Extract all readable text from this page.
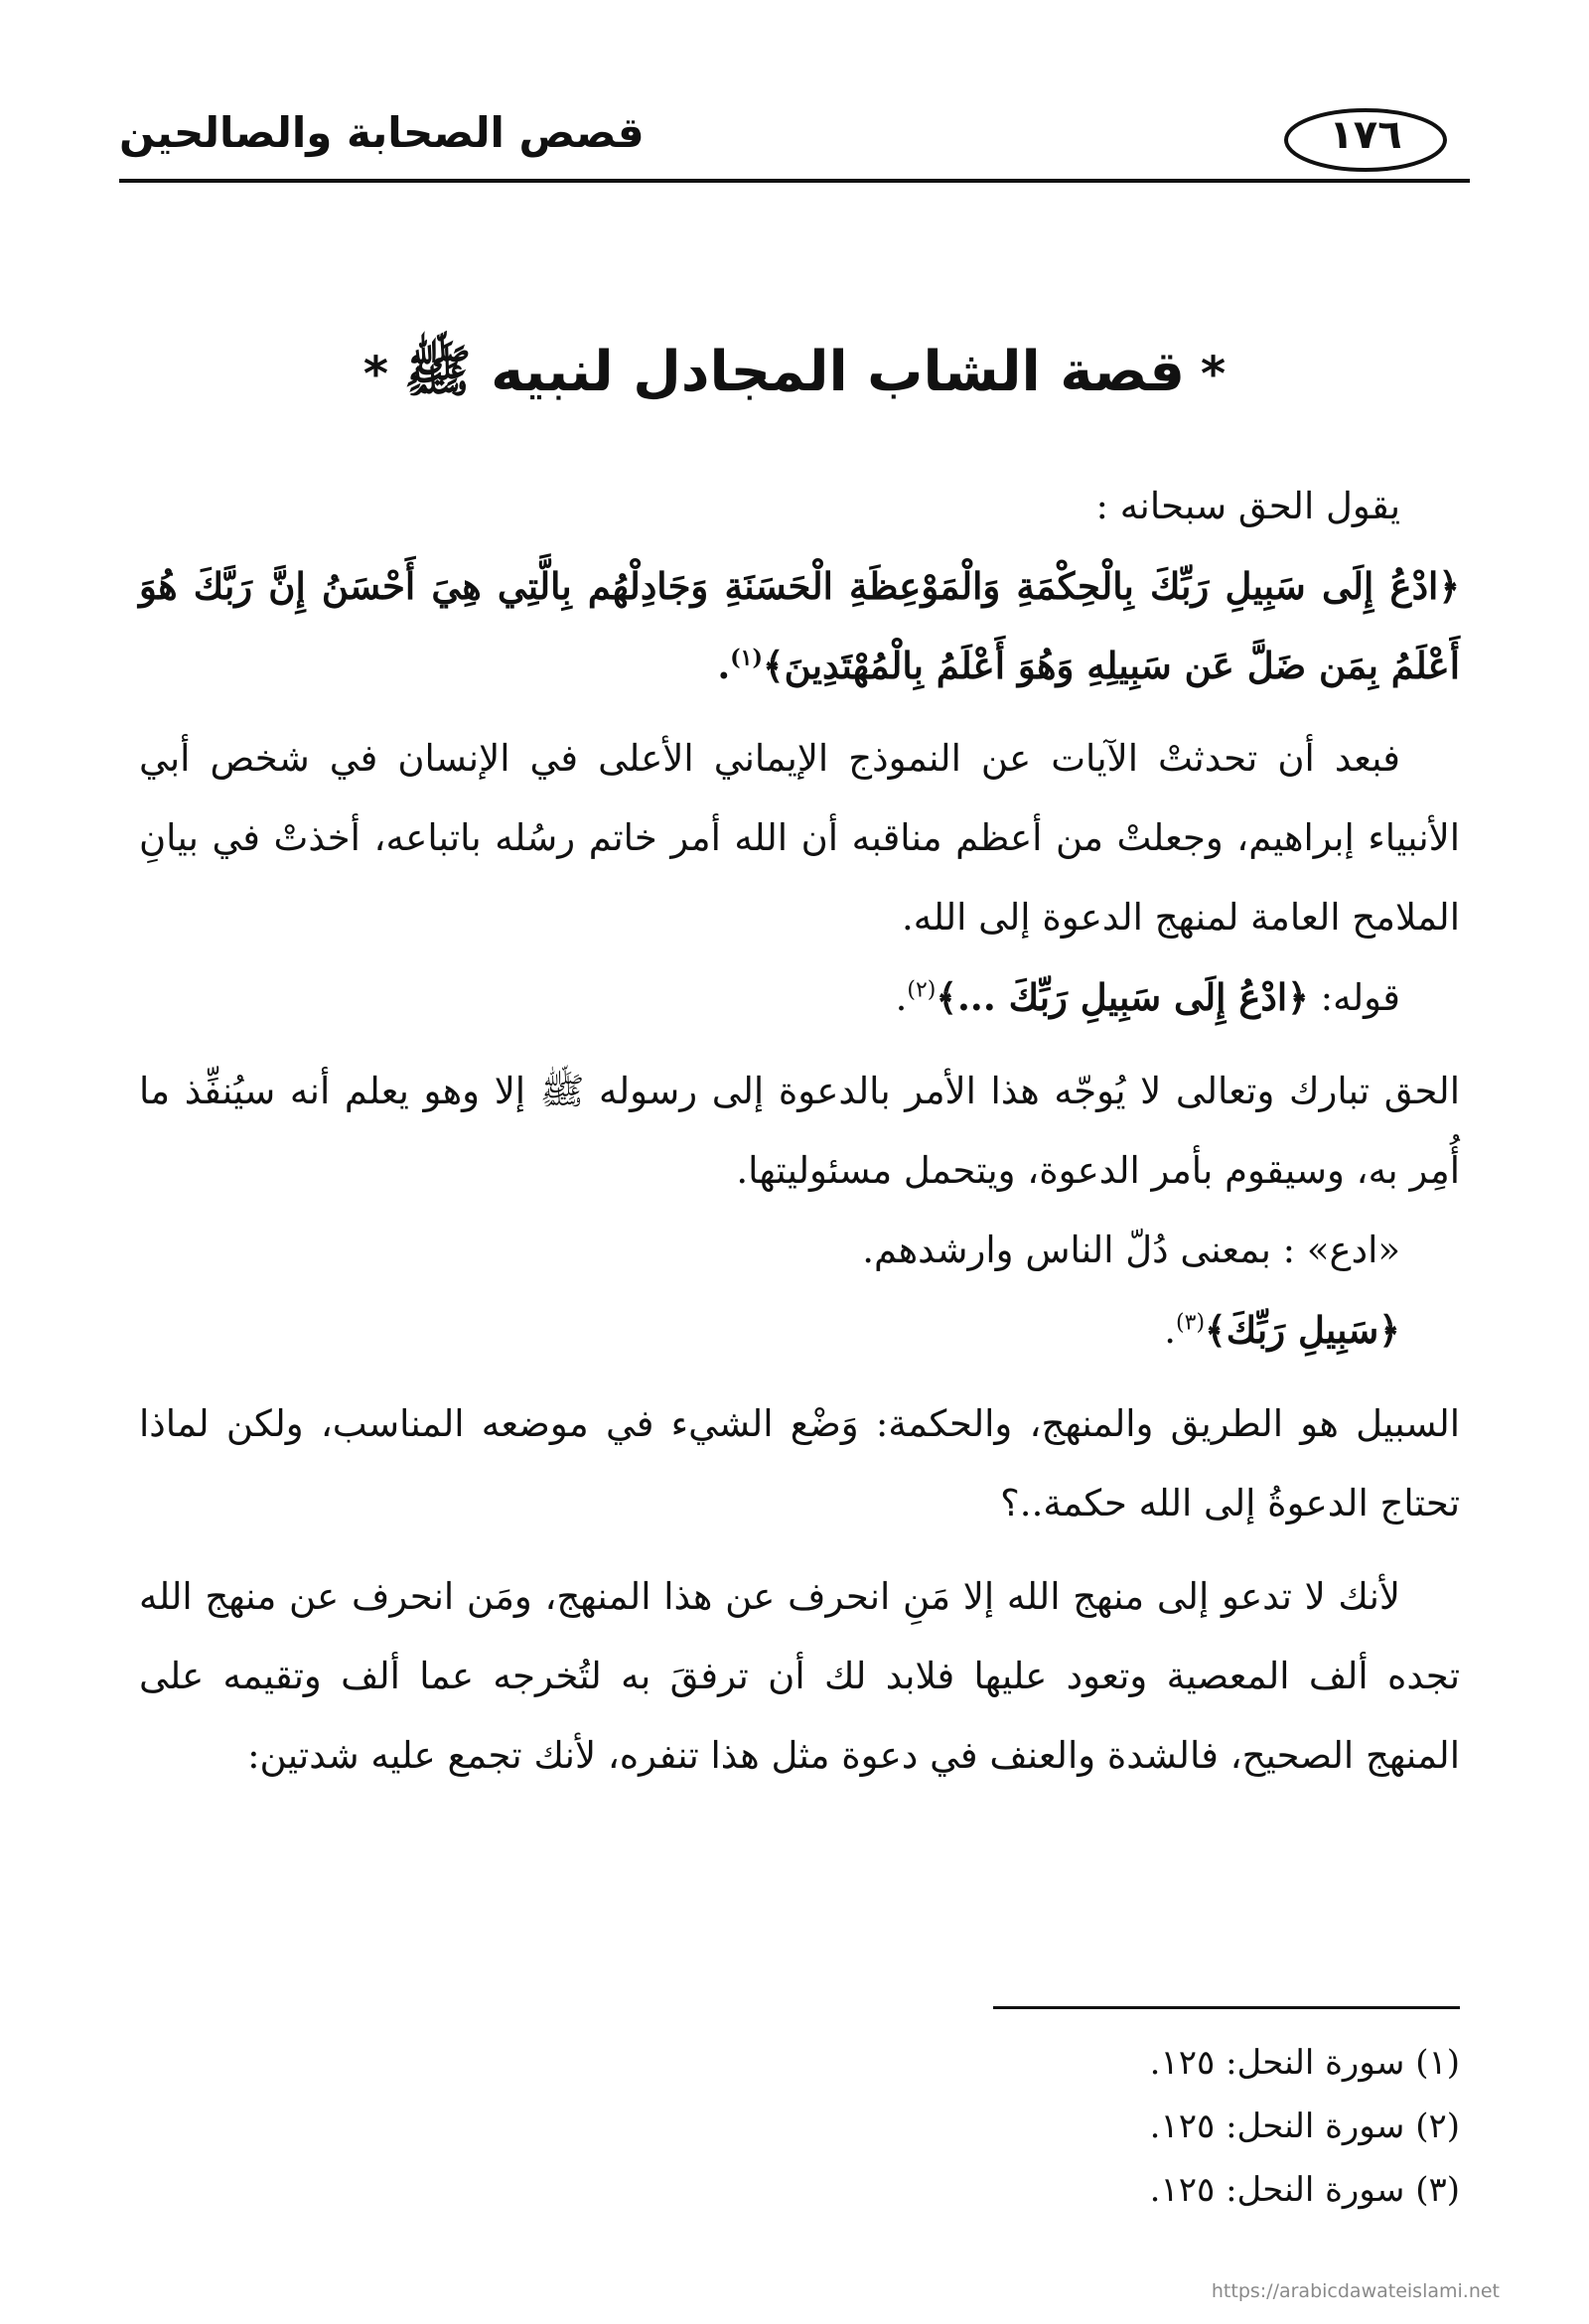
قصص الصحابة والصالحين	١٧٦
*قصة الشاب المجادل لنبيه ﷺ*

يقول الحق سبحانه :

﴿ادْعُ إِلَى سَبِيلِ رَبِّكَ بِالْحِكْمَةِ وَالْمَوْعِظَةِ الْحَسَنَةِ وَجَادِلْهُم بِالَّتِي هِيَ أَحْسَنُ إِنَّ رَبَّكَ هُوَ أَعْلَمُ بِمَن ضَلَّ عَن سَبِيلِهِ وَهُوَ أَعْلَمُ بِالْمُهْتَدِينَ﴾$^{(١)}$.

فبعد أن تحدثتْ الآيات عن النموذج الإيماني الأعلى في الإنسان في شخص أبي الأنبياء إبراهيم، وجعلتْ من أعظم مناقبه أن الله أمر خاتم رسُله باتباعه، أخذتْ في بيانِ الملامح العامة لمنهج الدعوة إلى الله.

قوله: ﴿ادْعُ إِلَى سَبِيلِ رَبِّكَ ...﴾$^{(٢)}$.

الحق تبارك وتعالى لا يُوجّه هذا الأمر بالدعوة إلى رسوله ﷺ إلا وهو يعلم أنه سيُنفِّذ ما أُمِر به، وسيقوم بأمر الدعوة، ويتحمل مسئوليتها.

«ادع» : بمعنى دُلّ الناس وارشدهم.

﴿سَبِيلِ رَبِّكَ﴾$^{(٣)}$.

السبيل هو الطريق والمنهج، والحكمة: وَضْع الشيء في موضعه المناسب، ولكن لماذا تحتاج الدعوةُ إلى الله حكمة..؟

لأنك لا تدعو إلى منهج الله إلا مَنِ انحرف عن هذا المنهج، ومَن انحرف عن منهج الله تجده ألف المعصية وتعود عليها فلابد لك أن ترفقَ به لتُخرجه عما ألف وتقيمه على المنهج الصحيح، فالشدة والعنف في دعوة مثل هذا تنفره، لأنك تجمع عليه شدتين:

(١) سورة النحل: ١٢٥.
(٢) سورة النحل: ١٢٥.
(٣) سورة النحل: ١٢٥.
https://arabicdawateislami.net
